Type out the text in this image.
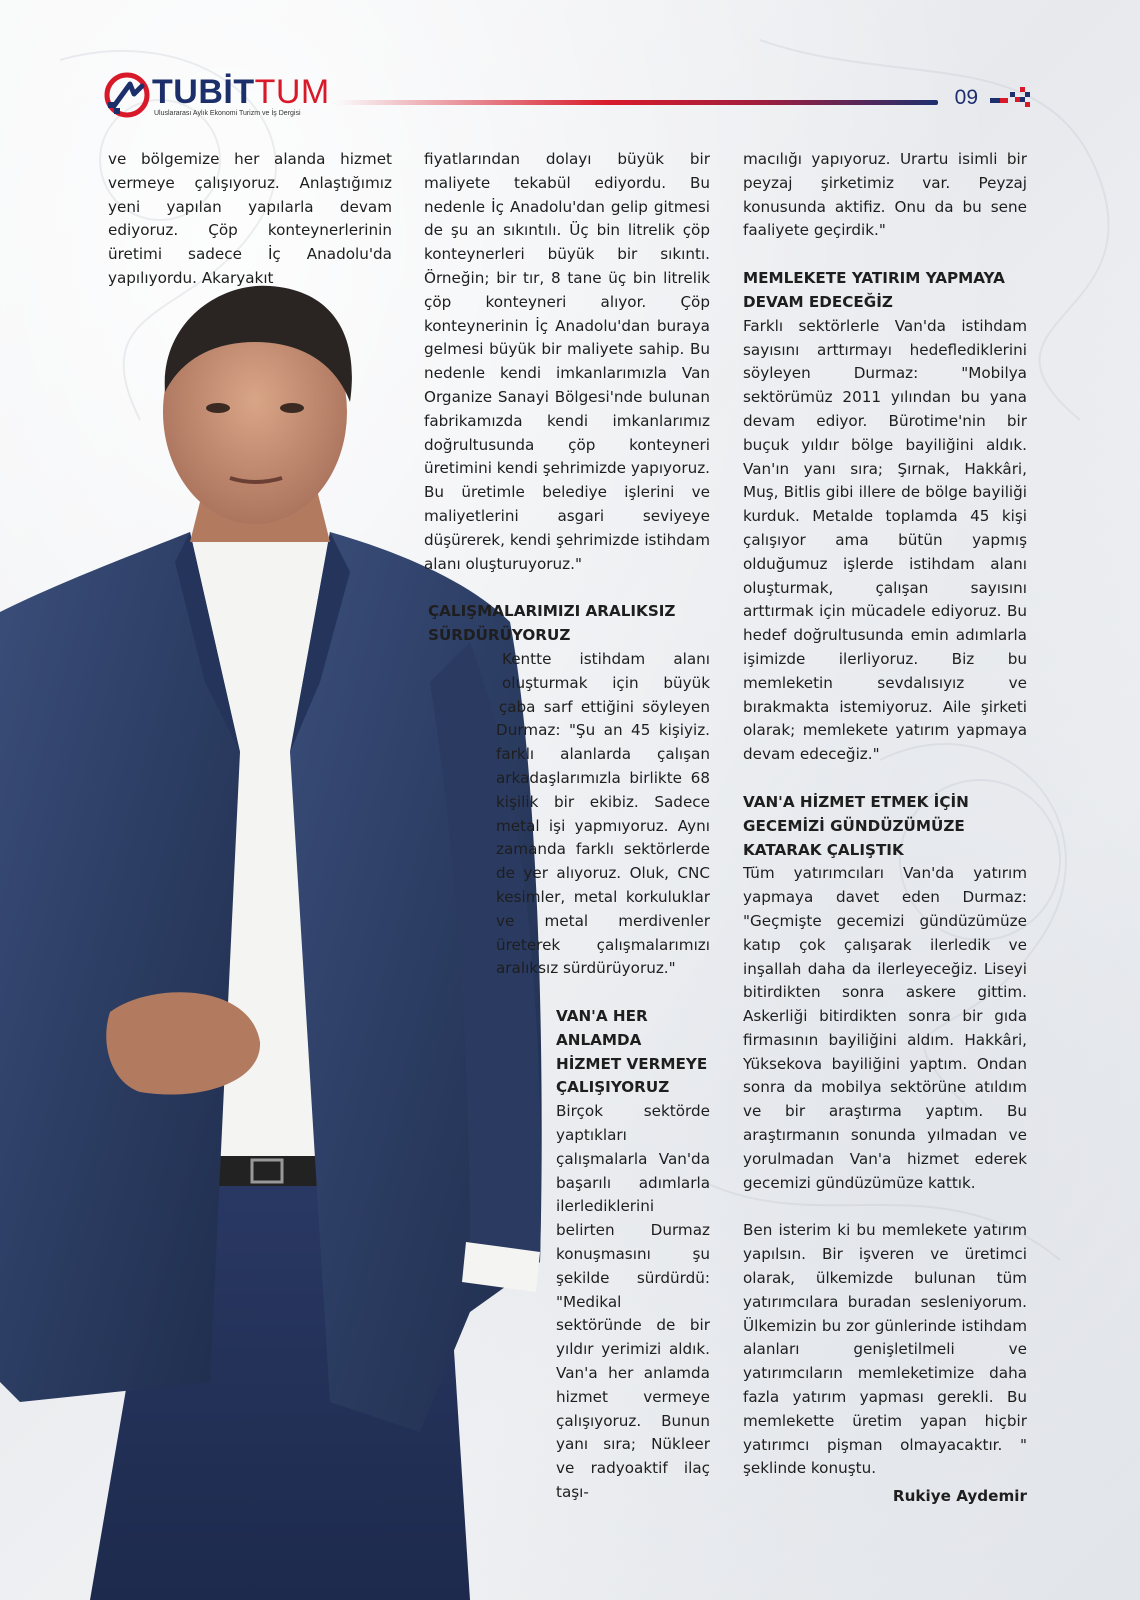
TUBİTTUM
Uluslararası Aylık Ekonomi Turizm ve İş Dergisi
09

ve bölgemize her alanda hizmet vermeye çalışıyoruz. Anlaştığımız yeni yapılan yapılarla devam ediyoruz. Çöp konteynerlerinin üretimi sadece İç Anadolu'da yapılıyordu. Akaryakıt

fiyatlarından dolayı büyük bir maliyete tekabül ediyordu. Bu nedenle İç Anadolu'dan gelip gitmesi de şu an sıkıntılı. Üç bin litrelik çöp konteynerleri büyük bir sıkıntı. Örneğin; bir tır, 8 tane üç bin litrelik çöp konteyneri alıyor. Çöp konteynerinin İç Anadolu'dan buraya gelmesi büyük bir maliyete sahip. Bu nedenle kendi imkanlarımızla Van Organize Sanayi Bölgesi'nde bulunan fabrikamızda kendi imkanlarımız doğrultusunda çöp konteyneri üretimini kendi şehrimizde yapıyoruz. Bu üretimle belediye işlerini ve maliyetlerini asgari seviyeye düşürerek, kendi şehrimizde istihdam alanı oluşturuyoruz."

ÇALIŞMALARIMIZI ARALIKSIZ SÜRDÜRÜYORUZ

Kentte istihdam alanı oluşturmak için büyük çaba sarf ettiğini söyleyen Durmaz: "Şu an 45 kişiyiz. farklı alanlarda çalışan arkadaşlarımızla birlikte 68 kişilik bir ekibiz. Sadece metal işi yapmıyoruz. Aynı zamanda farklı sektörlerde de yer alıyoruz. Oluk, CNC kesimler, metal korkuluklar ve metal merdivenler üreterek çalışmalarımızı aralıksız sürdürüyoruz."

VAN'A HER ANLAMDA HİZMET VERMEYE ÇALIŞIYORUZ

Birçok sektörde yaptıkları çalışmalarla Van'da başarılı adımlarla ilerlediklerini belirten Durmaz konuşmasını şu şekilde sürdürdü: "Medikal sektöründe de bir yıldır yerimizi aldık. Van'a her anlamda hizmet vermeye çalışıyoruz. Bunun yanı sıra; Nükleer ve radyoaktif ilaç taşı-

macılığı yapıyoruz. Urartu isimli bir peyzaj şirketimiz var. Peyzaj konusunda aktifiz. Onu da bu sene faaliyete geçirdik."

MEMLEKETE YATIRIM YAPMAYA DEVAM EDECEĞİZ

Farklı sektörlerle Van'da istihdam sayısını arttırmayı hedeflediklerini söyleyen Durmaz: "Mobilya sektörümüz 2011 yılından bu yana devam ediyor. Bürotime'nin bir buçuk yıldır bölge bayiliğini aldık. Van'ın yanı sıra; Şırnak, Hakkâri, Muş, Bitlis gibi illere de bölge bayiliği kurduk. Metalde toplamda 45 kişi çalışıyor ama bütün yapmış olduğumuz işlerde istihdam alanı oluşturmak, çalışan sayısını arttırmak için mücadele ediyoruz. Bu hedef doğrultusunda emin adımlarla işimizde ilerliyoruz. Biz bu memleketin sevdalısıyız ve bırakmakta istemiyoruz. Aile şirketi olarak; memlekete yatırım yapmaya devam edeceğiz."

VAN'A HİZMET ETMEK İÇİN GECEMİZİ GÜNDÜZÜMÜZE KATARAK ÇALIŞTIK

Tüm yatırımcıları Van'da yatırım yapmaya davet eden Durmaz: "Geçmişte gecemizi gündüzümüze katıp çok çalışarak ilerledik ve inşallah daha da ilerleyeceğiz. Liseyi bitirdikten sonra askere gittim. Askerliği bitirdikten sonra bir gıda firmasının bayiliğini aldım. Hakkâri, Yüksekova bayiliğini yaptım. Ondan sonra da mobilya sektörüne atıldım ve bir araştırma yaptım. Bu araştırmanın sonunda yılmadan ve yorulmadan Van'a hizmet ederek gecemizi gündüzümüze kattık.

Ben isterim ki bu memlekete yatırım yapılsın. Bir işveren ve üretimci olarak, ülkemizde bulunan tüm yatırımcılara buradan sesleniyorum. Ülkemizin bu zor günlerinde istihdam alanları genişletilmeli ve yatırımcıların memleketimize daha fazla yatırım yapması gerekli. Bu memlekette üretim yapan hiçbir yatırımcı pişman olmayacaktır. " şeklinde konuştu.

Rukiye Aydemir
